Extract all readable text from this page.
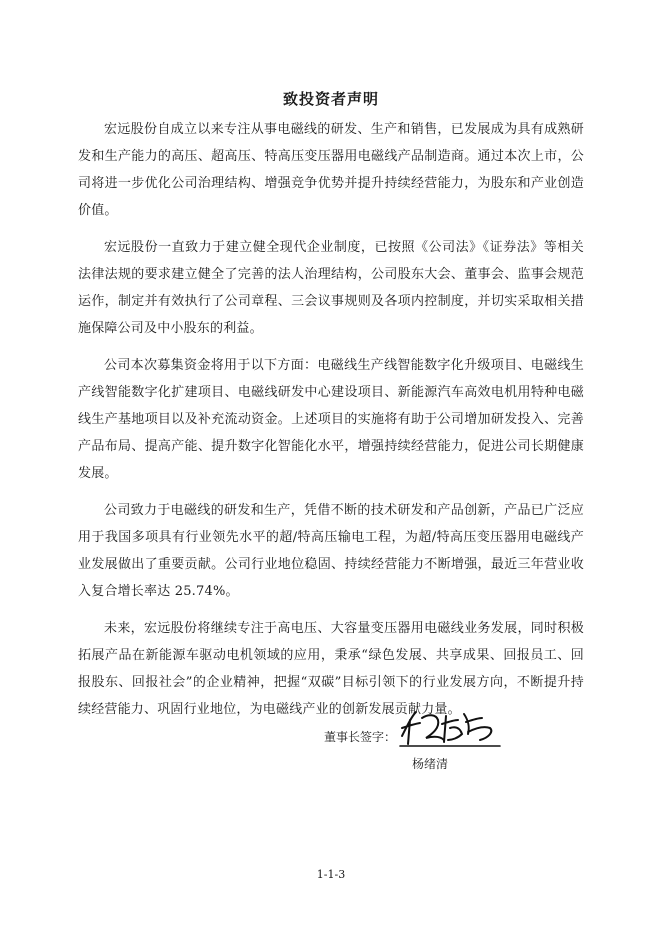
致投资者声明

宏远股份自成立以来专注从事电磁线的研发、生产和销售，已发展成为具有成熟研发和生产能力的高压、超高压、特高压变压器用电磁线产品制造商。通过本次上市，公司将进一步优化公司治理结构、增强竞争优势并提升持续经营能力，为股东和产业创造价值。

宏远股份一直致力于建立健全现代企业制度，已按照《公司法》《证券法》等相关法律法规的要求建立健全了完善的法人治理结构，公司股东大会、董事会、监事会规范运作，制定并有效执行了公司章程、三会议事规则及各项内控制度，并切实采取相关措施保障公司及中小股东的利益。

公司本次募集资金将用于以下方面：电磁线生产线智能数字化升级项目、电磁线生产线智能数字化扩建项目、电磁线研发中心建设项目、新能源汽车高效电机用特种电磁线生产基地项目以及补充流动资金。上述项目的实施将有助于公司增加研发投入、完善产品布局、提高产能、提升数字化智能化水平，增强持续经营能力，促进公司长期健康发展。

公司致力于电磁线的研发和生产，凭借不断的技术研发和产品创新，产品已广泛应用于我国多项具有行业领先水平的超/特高压输电工程，为超/特高压变压器用电磁线产业发展做出了重要贡献。公司行业地位稳固、持续经营能力不断增强，最近三年营业收入复合增长率达 25.74%。

未来，宏远股份将继续专注于高电压、大容量变压器用电磁线业务发展，同时积极拓展产品在新能源车驱动电机领域的应用，秉承“绿色发展、共享成果、回报员工、回报股东、回报社会”的企业精神，把握“双碳”目标引领下的行业发展方向，不断提升持续经营能力、巩固行业地位，为电磁线产业的创新发展贡献力量。

董事长签字：
杨绪清
1-1-3
